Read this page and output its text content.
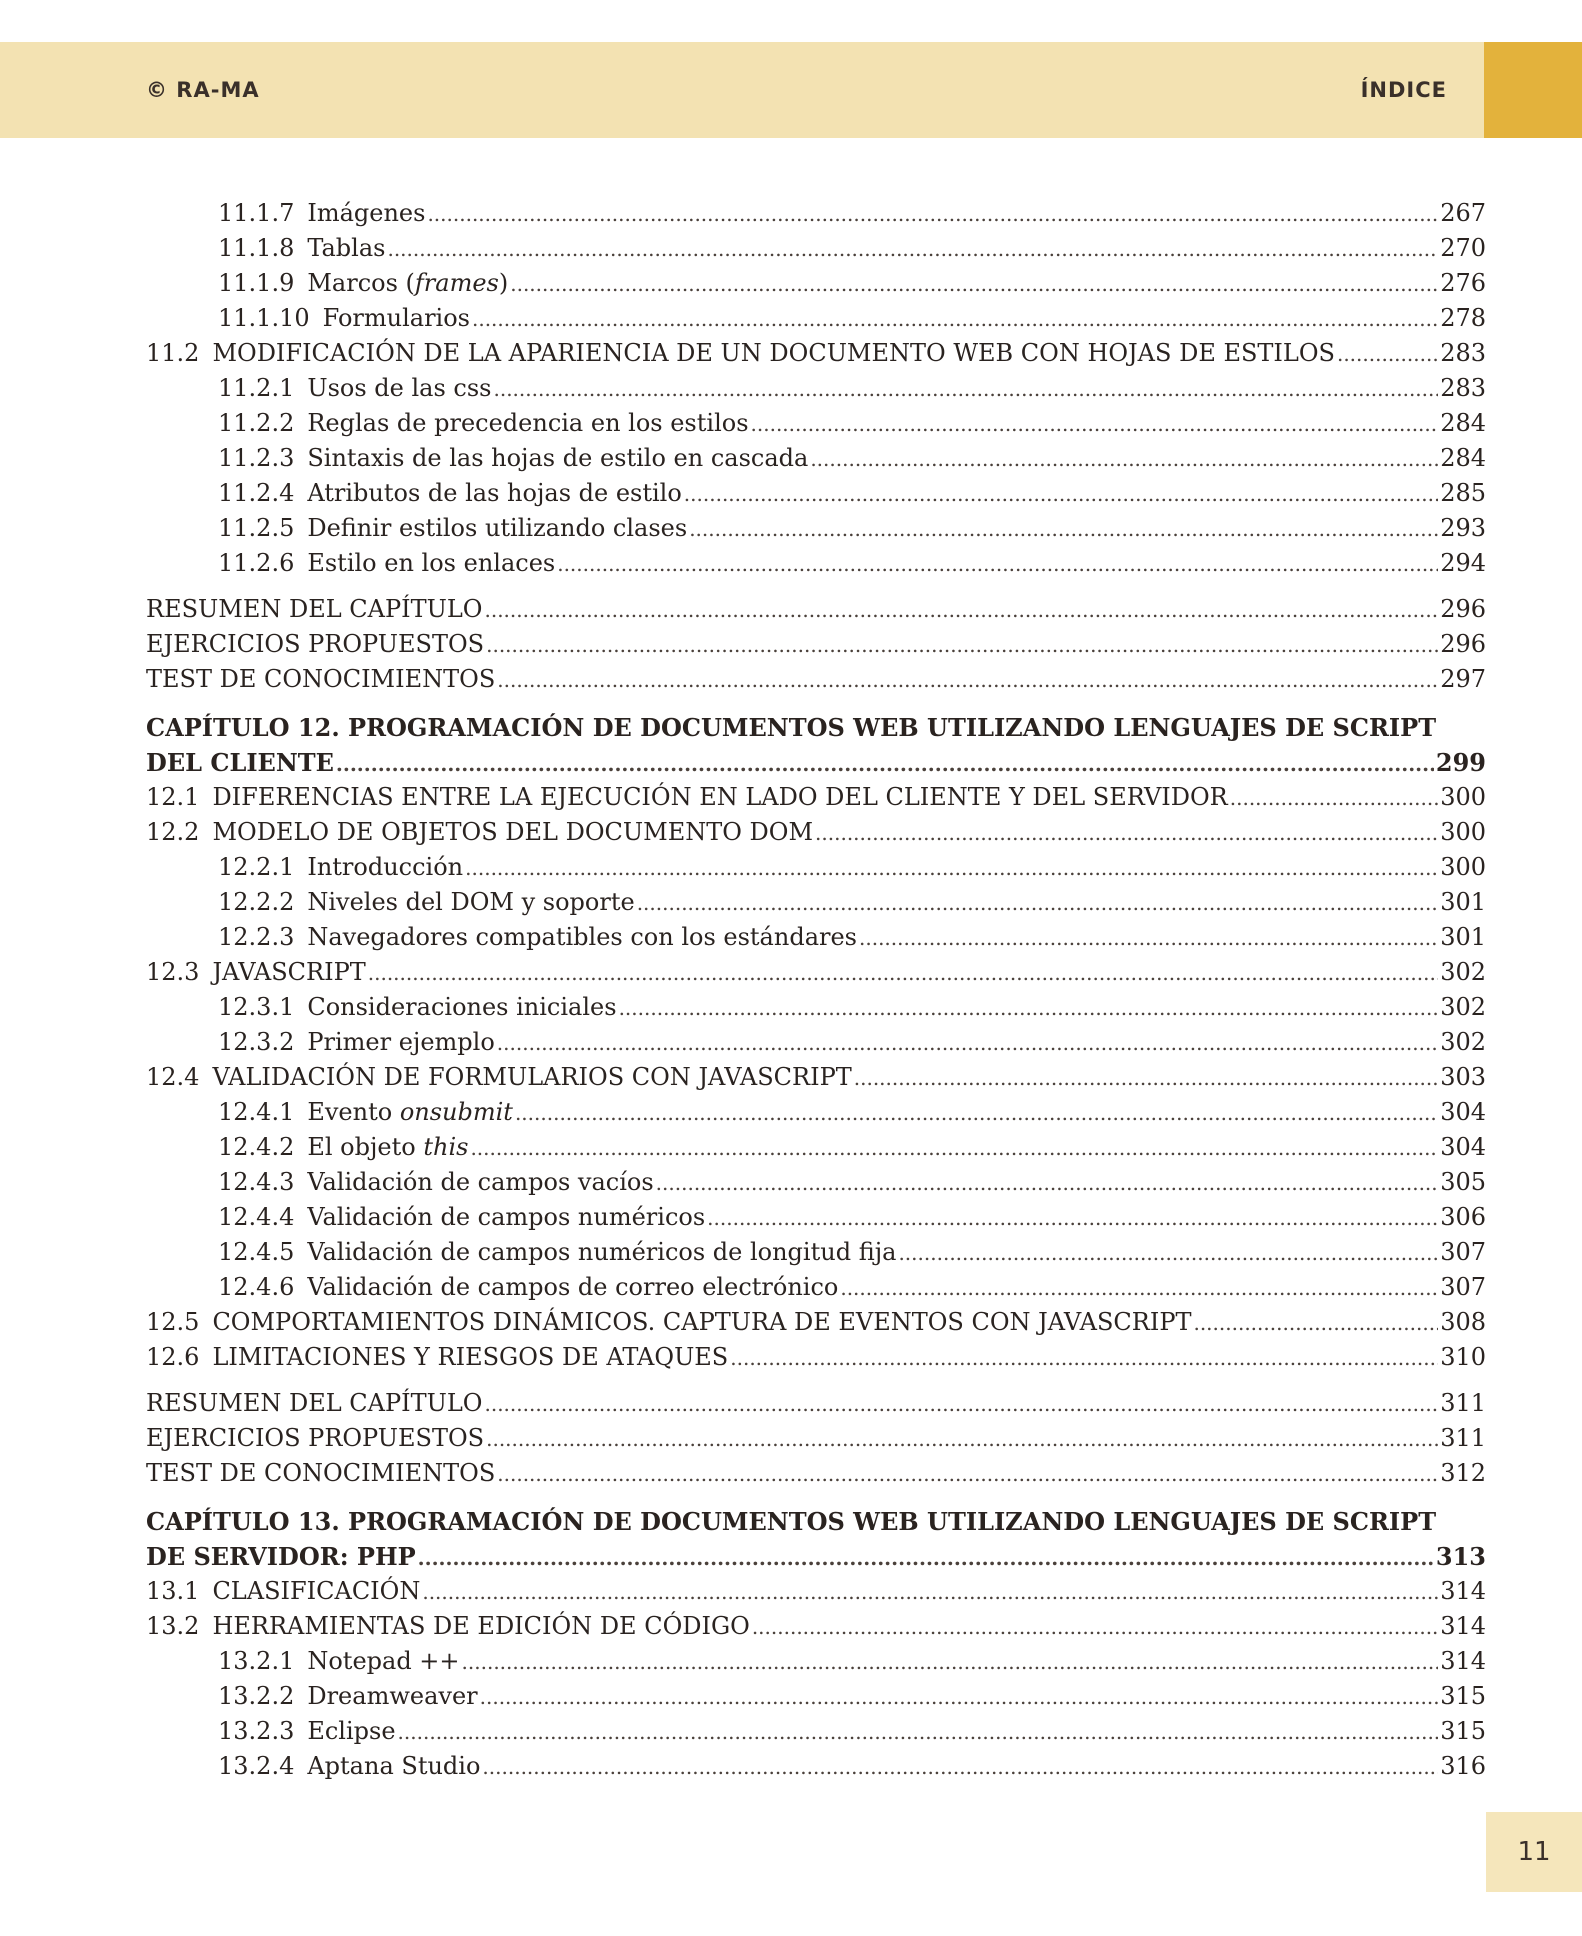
© RA-MA	ÍNDICE
11.1.7 Imágenes .....	267
11.1.8 Tablas .....	270
11.1.9 Marcos (frames) .....	276
11.1.10 Formularios .....	278
11.2 MODIFICACIÓN DE LA APARIENCIA DE UN DOCUMENTO WEB CON HOJAS DE ESTILOS .....	283
11.2.1 Usos de las css .....	283
11.2.2 Reglas de precedencia en los estilos .....	284
11.2.3 Sintaxis de las hojas de estilo en cascada .....	284
11.2.4 Atributos de las hojas de estilo .....	285
11.2.5 Definir estilos utilizando clases .....	293
11.2.6 Estilo en los enlaces .....	294
RESUMEN DEL CAPÍTULO .....	296
EJERCICIOS PROPUESTOS .....	296
TEST DE CONOCIMIENTOS .....	297
CAPÍTULO 12. PROGRAMACIÓN DE DOCUMENTOS WEB UTILIZANDO LENGUAJES DE SCRIPT
DEL CLIENTE .....	299
12.1 DIFERENCIAS ENTRE LA EJECUCIÓN EN LADO DEL CLIENTE Y DEL SERVIDOR .....	300
12.2 MODELO DE OBJETOS DEL DOCUMENTO DOM .....	300
12.2.1 Introducción .....	300
12.2.2 Niveles del DOM y soporte .....	301
12.2.3 Navegadores compatibles con los estándares .....	301
12.3 JAVASCRIPT .....	302
12.3.1 Consideraciones iniciales .....	302
12.3.2 Primer ejemplo .....	302
12.4 VALIDACIÓN DE FORMULARIOS CON JAVASCRIPT .....	303
12.4.1 Evento onsubmit .....	304
12.4.2 El objeto this .....	304
12.4.3 Validación de campos vacíos .....	305
12.4.4 Validación de campos numéricos .....	306
12.4.5 Validación de campos numéricos de longitud fija .....	307
12.4.6 Validación de campos de correo electrónico .....	307
12.5 COMPORTAMIENTOS DINÁMICOS. CAPTURA DE EVENTOS CON JAVASCRIPT .....	308
12.6 LIMITACIONES Y RIESGOS DE ATAQUES .....	310
RESUMEN DEL CAPÍTULO .....	311
EJERCICIOS PROPUESTOS .....	311
TEST DE CONOCIMIENTOS .....	312
CAPÍTULO 13. PROGRAMACIÓN DE DOCUMENTOS WEB UTILIZANDO LENGUAJES DE SCRIPT
DE SERVIDOR: PHP .....	313
13.1 CLASIFICACIÓN .....	314
13.2 HERRAMIENTAS DE EDICIÓN DE CÓDIGO .....	314
13.2.1 Notepad ++ .....	314
13.2.2 Dreamweaver .....	315
13.2.3 Eclipse .....	315
13.2.4 Aptana Studio .....	316
11
